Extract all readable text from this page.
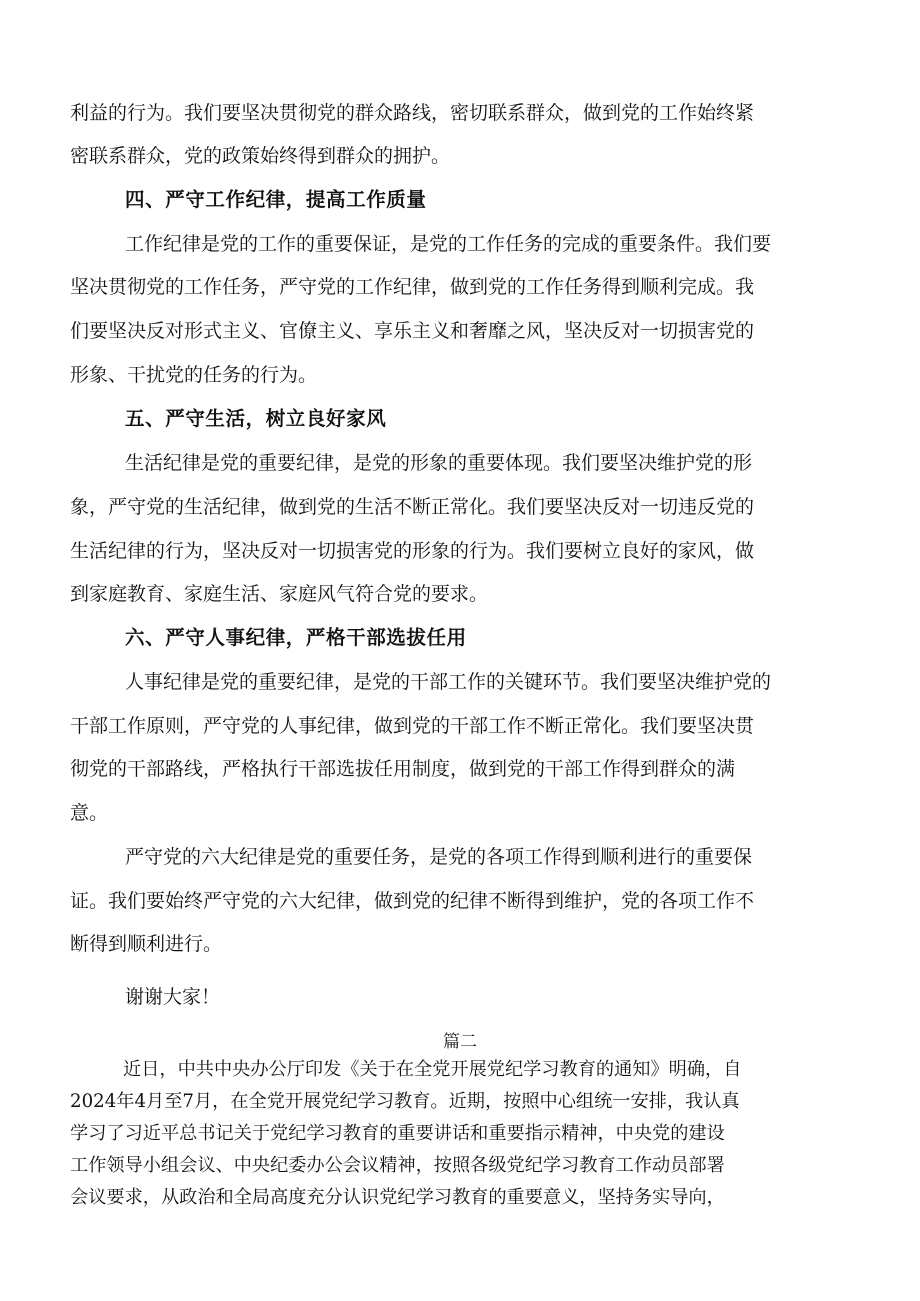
利益的行为。我们要坚决贯彻党的群众路线，密切联系群众，做到党的工作始终紧
密联系群众，党的政策始终得到群众的拥护。
四、严守工作纪律，提高工作质量
工作纪律是党的工作的重要保证，是党的工作任务的完成的重要条件。我们要
坚决贯彻党的工作任务，严守党的工作纪律，做到党的工作任务得到顺利完成。我
们要坚决反对形式主义、官僚主义、享乐主义和奢靡之风，坚决反对一切损害党的
形象、干扰党的任务的行为。
五、严守生活，树立良好家风
生活纪律是党的重要纪律，是党的形象的重要体现。我们要坚决维护党的形
象，严守党的生活纪律，做到党的生活不断正常化。我们要坚决反对一切违反党的
生活纪律的行为，坚决反对一切损害党的形象的行为。我们要树立良好的家风，做
到家庭教育、家庭生活、家庭风气符合党的要求。
六、严守人事纪律，严格干部选拔任用
人事纪律是党的重要纪律，是党的干部工作的关键环节。我们要坚决维护党的
干部工作原则，严守党的人事纪律，做到党的干部工作不断正常化。我们要坚决贯
彻党的干部路线，严格执行干部选拔任用制度，做到党的干部工作得到群众的满
意。
严守党的六大纪律是党的重要任务，是党的各项工作得到顺利进行的重要保
证。我们要始终严守党的六大纪律，做到党的纪律不断得到维护，党的各项工作不
断得到顺利进行。
谢谢大家！
篇二
近日，中共中央办公厅印发《关于在全党开展党纪学习教育的通知》明确，自
2024年4月至7月，在全党开展党纪学习教育。近期，按照中心组统一安排，我认真
学习了习近平总书记关于党纪学习教育的重要讲话和重要指示精神，中央党的建设
工作领导小组会议、中央纪委办公会议精神，按照各级党纪学习教育工作动员部署
会议要求，从政治和全局高度充分认识党纪学习教育的重要意义，坚持务实导向，
